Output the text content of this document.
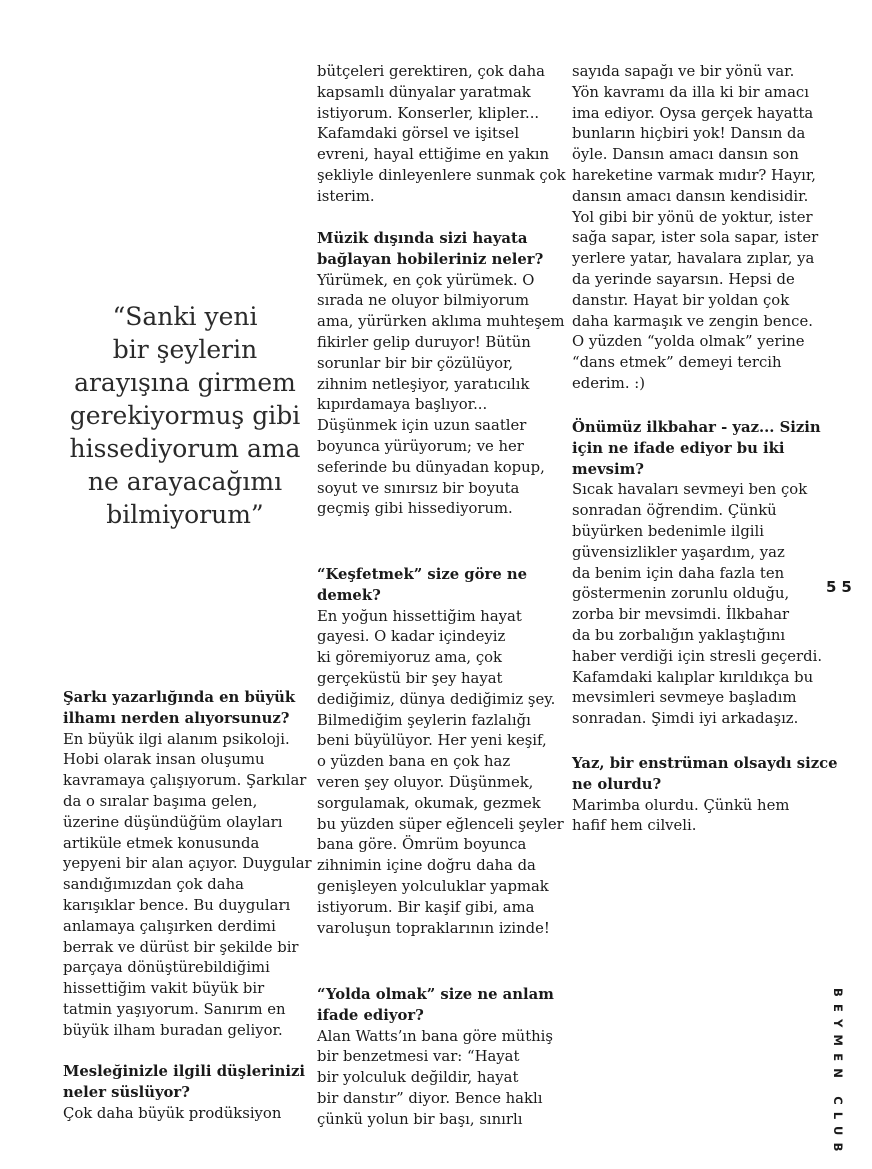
“Sanki yeni
bir şeylerin
arayışına girmem
gerekiyormuş gibi
hissediyorum ama
ne arayacağımı
bilmiyorum”

Şarkı yazarlığında en büyük

ilhamı nerden alıyorsunuz?

En büyük ilgi alanım psikoloji.

Hobi olarak insan oluşumu

kavramaya çalışıyorum. Şarkılar

da o sıralar başıma gelen,

üzerine düşündüğüm olayları

artiküle etmek konusunda

yepyeni bir alan açıyor. Duygular

sandığımızdan çok daha

karışıklar bence. Bu duyguları

anlamaya çalışırken derdimi

berrak ve dürüst bir şekilde bir

parçaya dönüştürebildiğimi

hissettiğim vakit büyük bir

tatmin yaşıyorum. Sanırım en

büyük ilham buradan geliyor.

Mesleğinizle ilgili düşlerinizi

neler süslüyor?

Çok daha büyük prodüksiyon

bütçeleri gerektiren, çok daha

kapsamlı dünyalar yaratmak

istiyorum. Konserler, klipler...

Kafamdaki görsel ve işitsel

evreni, hayal ettiğime en yakın

şekliyle dinleyenlere sunmak çok

isterim.

Müzik dışında sizi hayata

bağlayan hobileriniz neler?

Yürümek, en çok yürümek. O

sırada ne oluyor bilmiyorum

ama, yürürken aklıma muhteşem

fikirler gelip duruyor! Bütün

sorunlar bir bir çözülüyor,

zihnim netleşiyor, yaratıcılık

kıpırdamaya başlıyor...

Düşünmek için uzun saatler

boyunca yürüyorum; ve her

seferinde bu dünyadan kopup,

soyut ve sınırsız bir boyuta

geçmiş gibi hissediyorum.

“Keşfetmek” size göre ne

demek?

En yoğun hissettiğim hayat

gayesi. O kadar içindeyiz

ki göremiyoruz ama, çok

gerçeküstü bir şey hayat

dediğimiz, dünya dediğimiz şey.

Bilmediğim şeylerin fazlalığı

beni büyülüyor. Her yeni keşif,

o yüzden bana en çok haz

veren şey oluyor. Düşünmek,

sorgulamak, okumak, gezmek

bu yüzden süper eğlenceli şeyler

bana göre. Ömrüm boyunca

zihnimin içine doğru daha da

genişleyen yolculuklar yapmak

istiyorum. Bir kaşif gibi, ama

varoluşun topraklarının izinde!

“Yolda olmak” size ne anlam

ifade ediyor?

Alan Watts’ın bana göre müthiş

bir benzetmesi var: “Hayat

bir yolculuk değildir, hayat

bir danstır” diyor. Bence haklı

çünkü yolun bir başı, sınırlı

sayıda sapağı ve bir yönü var.

Yön kavramı da illa ki bir amacı

ima ediyor. Oysa gerçek hayatta

bunların hiçbiri yok! Dansın da

öyle. Dansın amacı dansın son

hareketine varmak mıdır? Hayır,

dansın amacı dansın kendisidir.

Yol gibi bir yönü de yoktur, ister

sağa sapar, ister sola sapar, ister

yerlere yatar, havalara zıplar, ya

da yerinde sayarsın. Hepsi de

danstır. Hayat bir yoldan çok

daha karmaşık ve zengin bence.

O yüzden “yolda olmak” yerine

“dans etmek” demeyi tercih

ederim. :)

Önümüz ilkbahar - yaz... Sizin

için ne ifade ediyor bu iki

mevsim?

Sıcak havaları sevmeyi ben çok

sonradan öğrendim. Çünkü

büyürken bedenimle ilgili

güvensizlikler yaşardım, yaz

da benim için daha fazla ten

göstermenin zorunlu olduğu,

zorba bir mevsimdi. İlkbahar

da bu zorbalığın yaklaştığını

haber verdiği için stresli geçerdi.

Kafamdaki kalıplar kırıldıkça bu

mevsimleri sevmeye başladım

sonradan. Şimdi iyi arkadaşız.

Yaz, bir enstrüman olsaydı sizce

ne olurdu?

Marimba olurdu. Çünkü hem

hafif hem cilveli.

55
BEYMEN CLUB
